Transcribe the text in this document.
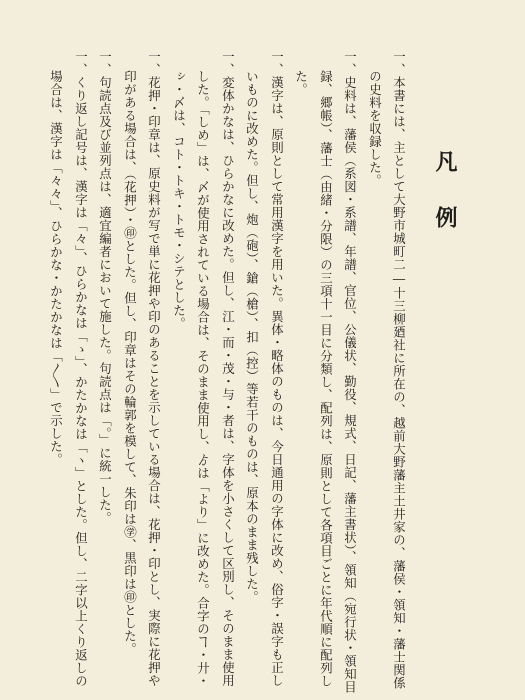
凡
例
一、本書には、主として大野市城町二―十三柳廼社に所在の、越前大野藩主土井家の、藩侯・領知・藩士関係
の史料を収録した。
一、史料は、藩侯（系図・系譜、年譜、官位、公儀状、勤役、規式、日記、藩主書状）、領知（宛行状・領知目
録、郷帳）、藩士（由緒・分限）の三項十一目に分類し、配列は、原則として各項目ごとに年代順に配列し
た。
一、漢字は、原則として常用漢字を用いた。異体・略体のものは、今日通用の字体に改め、俗字・誤字も正し
いものに改めた。但し、炮（砲）、鎗（槍）、扣（控）等若干のものは、原本のまま残した。
一、変体かなは、ひらかなに改めた。但し、江・而・茂・与・者は、字体を小さくして区別し、そのまま使用
した。「しめ」は、〆が使用されている場合は、そのまま使用し、ゟは「より」に改めた。合字のヿ・廾・
ㇱ・〆は、コト・トキ・トモ・シテとした。
一、花押・印章は、原史料が写で単に花押や印のあることを示している場合は、花押・印とし、実際に花押や
印がある場合は、（花押）・㊞とした。但し、印章はその輪郭を模して、朱印は㊫、黒印は㊞とした。
一、句読点及び並列点は、適宜編者において施した。句読点は「。」に統一した。
一、くり返し記号は、漢字は「々」、ひらかなは「ゝ」、かたかなは「ヽ」とした。但し、二字以上くり返しの
場合は、漢字は「々々」、ひらかな・かたかなは「〳〵」で示した。
